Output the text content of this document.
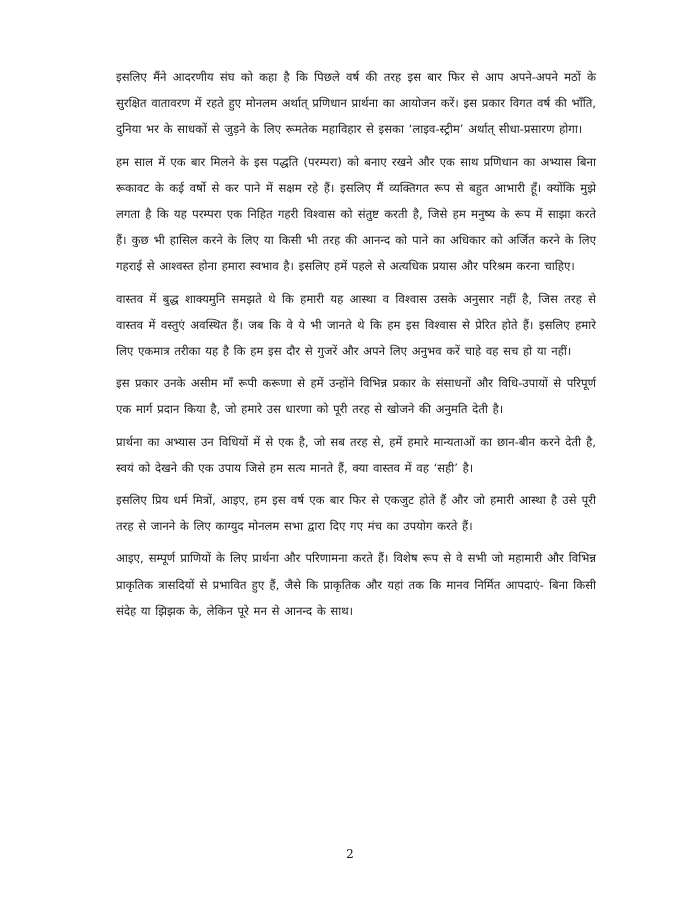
इसलिए मैंने आदरणीय संघ को कहा है कि पिछले वर्ष की तरह इस बार फिर से आप अपने-अपने मठों के सुरक्षित वातावरण में रहते हुए मोनलम अर्थात् प्रणिधान प्रार्थना का आयोजन करें। इस प्रकार विगत वर्ष की भाँति, दुनिया भर के साधकों से जुड़ने के लिए रूमतेक महाविहार से इसका ‘लाइव-स्ट्रीम’ अर्थात् सीधा-प्रसारण होगा।

हम साल में एक बार मिलने के इस पद्धति (परम्परा) को बनाए रखने और एक साथ प्रणिधान का अभ्यास बिना रूकावट के कई वर्षो से कर पाने में सक्षम रहे हैं। इसलिए मैं व्यक्तिगत रूप से बहुत आभारी हूँ। क्योंकि मुझे लगता है कि यह परम्परा एक निहित गहरी विश्वास को संतुष्ट करती है, जिसे हम मनुष्य के रूप में साझा करते हैं। कुछ भी हासिल करने के लिए या किसी भी तरह की आनन्द को पाने का अधिकार को अर्जित करने के लिए गहराई से आश्वस्त होना हमारा स्वभाव है। इसलिए हमें पहले से अत्यधिक प्रयास और परिश्रम करना चाहिए।

वास्तव में बुद्ध शाक्यमुनि समझते थे कि हमारी यह आस्था व विश्वास उसके अनुसार नहीं है, जिस तरह से वास्तव में वस्तुएं अवस्थित हैं। जब कि वे ये भी जानते थे कि हम इस विश्वास से प्रेरित होते हैं। इसलिए हमारे लिए एकमात्र तरीका यह है कि हम इस दौर से गुजरें और अपने लिए अनुभव करें चाहे वह सच हो या नहीं।

इस प्रकार उनके असीम माँ रूपी करूणा से हमें उन्होंने विभिन्न प्रकार के संसाधनों और विधि-उपायों से परिपूर्ण एक मार्ग प्रदान किया है, जो हमारे उस धारणा को पूरी तरह से खोजने की अनुमति देती है।

प्रार्थना का अभ्यास उन विधियों में से एक है, जो सब तरह से, हमें हमारे मान्यताओं का छान-बीन करने देती है, स्वयं को देखने की एक उपाय जिसे हम सत्य मानते हैं, क्या वास्तव में वह ‘सही’ है।

इसलिए प्रिय धर्म मित्रों, आइए, हम इस वर्ष एक बार फिर से एकजुट होते हैं और जो हमारी आस्था है उसे पूरी तरह से जानने के लिए काग्युद मोनलम सभा द्वारा दिए गए मंच का उपयोग करते हैं।

आइए, सम्पूर्ण प्राणियों के लिए प्रार्थना और परिणामना करते हैं। विशेष रूप से वे सभी जो महामारी और विभिन्न प्राकृतिक त्रासदियों से प्रभावित हुए हैं, जैसे कि प्राकृतिक और यहां तक कि मानव निर्मित आपदाएं- बिना किसी संदेह या झिझक के, लेकिन पूरे मन से आनन्द के साथ।

2
